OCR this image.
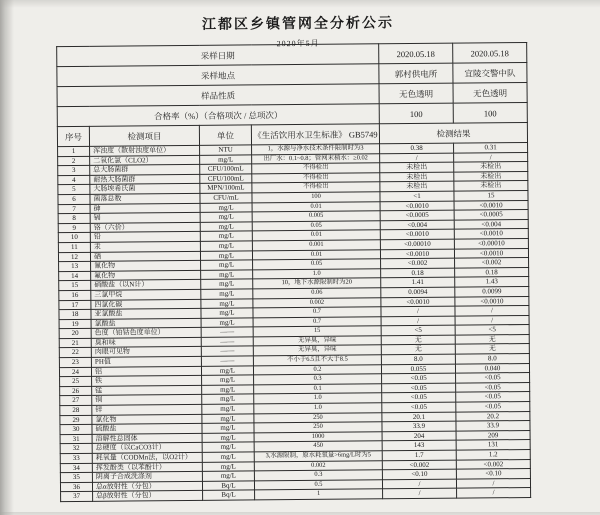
江都区乡镇管网全分析公示
2020年5月
采样日期				2020.05.18	2020.05.18
采样地点				郭村供电所	宜陵交警中队
样品性质				无色透明	无色透明
合格率（%）（合格项次 / 总项次）				100	100
序号	检测项目	单位	《生活饮用水卫生标准》 GB5749	检测结果	
1	浑浊度（散射浊度单位）	NTU	1，水源与净水技术条件限制时为3	0.38	0.31
2	二氧化氯（CLO2）	mg/L	出厂水：0.1~0.8；管网末梢水：≥0.02	/	/
3	总大肠菌群	CFU/100mL	不得检出	未检出	未检出
4	耐热大肠菌群	CFU/100mL	不得检出	未检出	未检出
5	大肠埃希氏菌	MPN/100mL	不得检出	未检出	未检出
6	菌落总数	CFU/mL	100	<1	15
7	砷	mg/L	0.01	<0.0010	<0.0010
8	镉	mg/L	0.005	<0.0005	<0.0005
9	铬（六价）	mg/L	0.05	<0.004	<0.004
10	铅	mg/L	0.01	<0.0010	<0.0010
11	汞	mg/L	0.001	<0.00010	<0.00010
12	硒	mg/L	0.01	<0.0010	<0.0010
13	氰化物	mg/L	0.05	<0.002	<0.002
14	氟化物	mg/L	1.0	0.18	0.18
15	硝酸盐（以N计）	mg/L	10，地下水源限制时为20	1.41	1.43
16	三氯甲烷	mg/L	0.06	0.0094	0.0099
17	四氯化碳	mg/L	0.002	<0.0010	<0.0010
18	亚氯酸盐	mg/L	0.7	/	/
19	氯酸盐	mg/L	0.7	/	/
20	色度（铂钴色度单位）	——	15	<5	<5
21	臭和味	——	无异臭，异味	无	无
22	肉眼可见物	——	无异臭，异味	无	无
23	PH值	——	不小于6.5且不大于8.5	8.0	8.0
24	铝	mg/L	0.2	0.055	0.040
25	铁	mg/L	0.3	<0.05	<0.05
26	锰	mg/L	0.1	<0.05	<0.05
27	铜	mg/L	1.0	<0.05	<0.05
28	锌	mg/L	1.0	<0.05	<0.05
29	氯化物	mg/L	250	20.1	20.2
30	硫酸盐	mg/L	250	33.9	33.9
31	溶解性总固体	mg/L	1000	204	209
32	总硬度（以CaCO3计）	mg/L	450	143	131
33	耗氧量（CODMn法，以O2计）	mg/L	3,水源限制，原水耗氧量>6mg/L时为5	1.7	1.2
34	挥发酚类（以苯酚计）	mg/L	0.002	<0.002	<0.002
35	阴离子合成洗涤剂	mg/L	0.3	<0.10	<0.10
36	总α放射性（分包）	Bq/L	0.5	/	/
37	总β放射性（分包）	Bq/L	1	/	/
